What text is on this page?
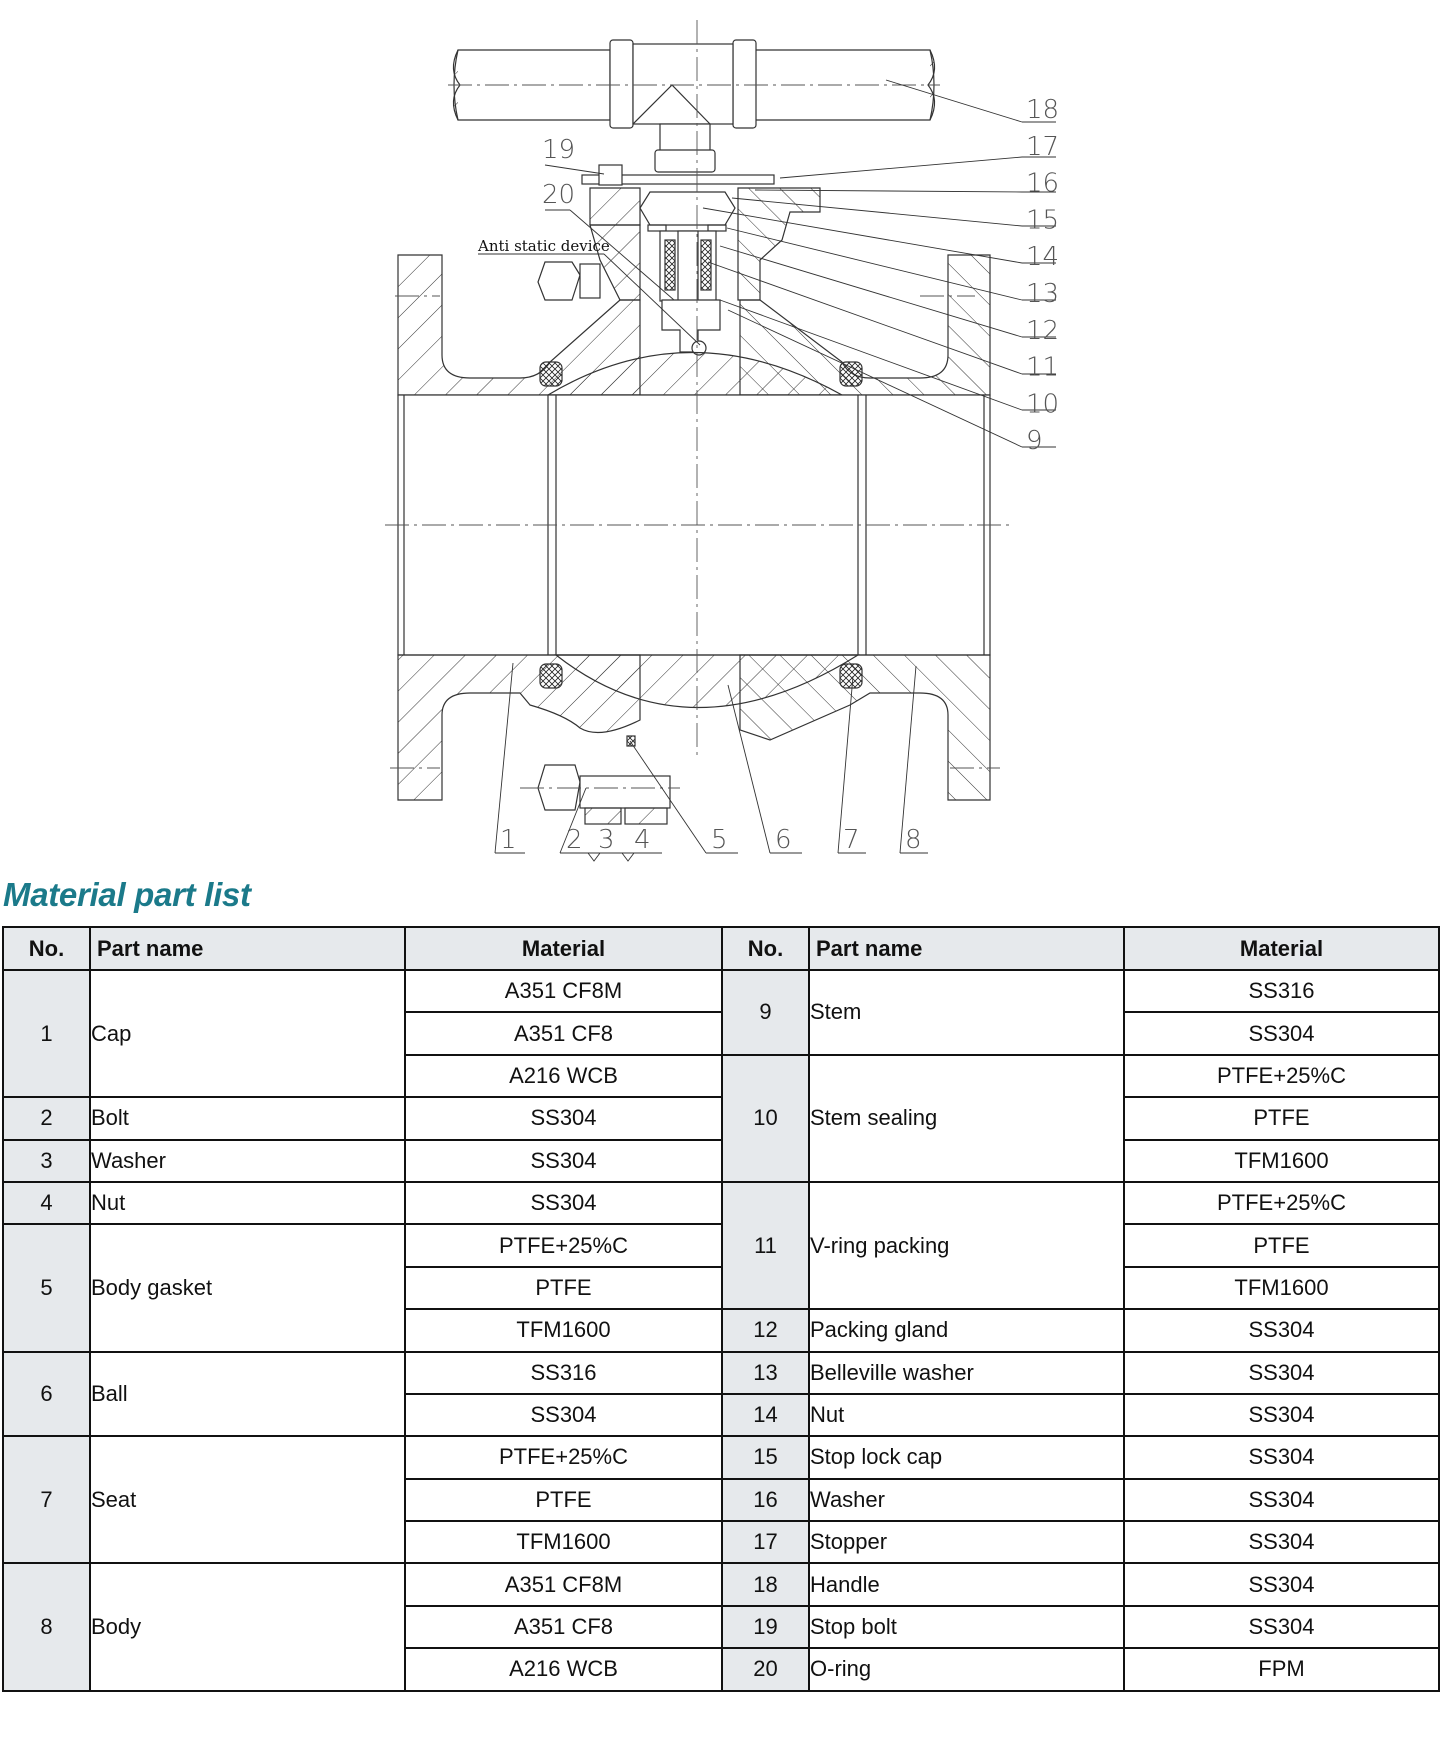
18
17
16
15
14
13
12
11
10
9
19
20
1 2 3 4 5 6 7 8
Anti static device
Material part list
No.	Part name	Material	No.	Part name	Material
1	Cap	A351 CF8M	9	Stem	SS316
		A351 CF8			SS304
		A216 WCB	10	Stem sealing	PTFE+25%C
2	Bolt	SS304			PTFE
3	Washer	SS304			TFM1600
4	Nut	SS304	11	V-ring packing	PTFE+25%C
5	Body gasket	PTFE+25%C			PTFE
		PTFE			TFM1600
		TFM1600	12	Packing gland	SS304
6	Ball	SS316	13	Belleville washer	SS304
		SS304	14	Nut	SS304
7	Seat	PTFE+25%C	15	Stop lock cap	SS304
		PTFE	16	Washer	SS304
		TFM1600	17	Stopper	SS304
8	Body	A351 CF8M	18	Handle	SS304
		A351 CF8	19	Stop bolt	SS304
		A216 WCB	20	O-ring	FPM
